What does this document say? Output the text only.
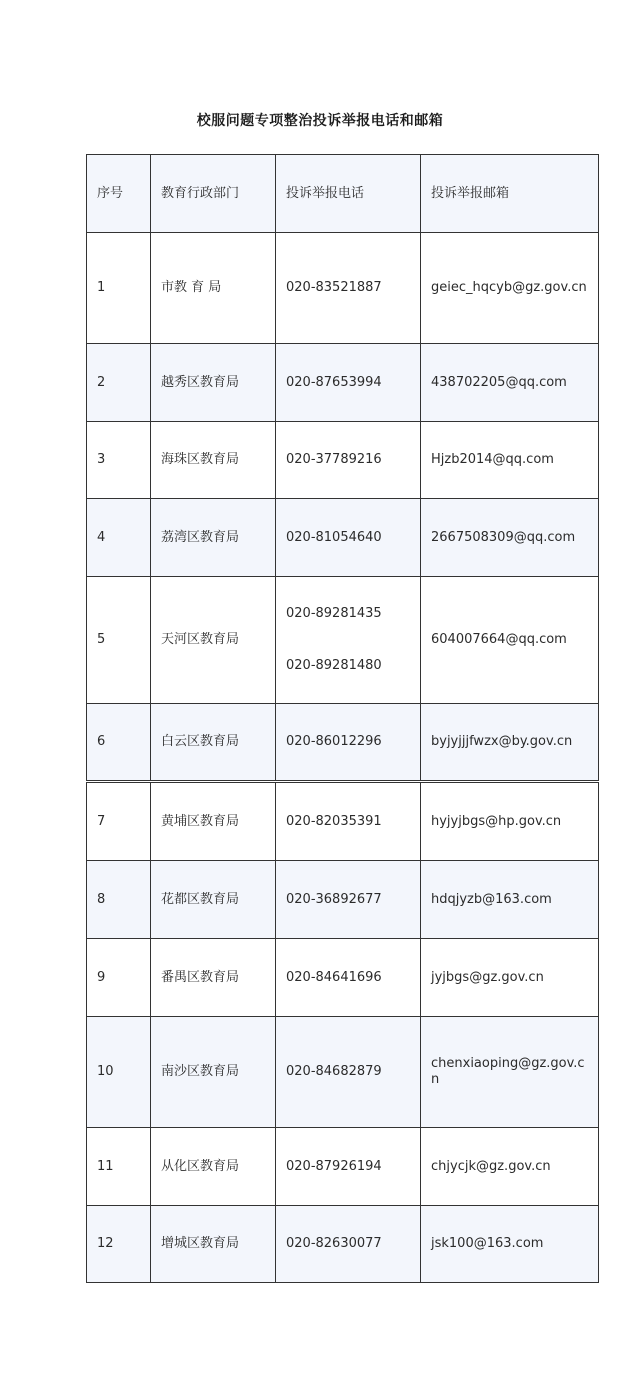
校服问题专项整治投诉举报电话和邮箱
序号	教育行政部门	投诉举报电话	投诉举报邮箱
1	市教 育 局	020-83521887	geiec_hqcyb@gz.gov.cn
2	越秀区教育局	020-87653994	438702205@qq.com
3	海珠区教育局	020-37789216	Hjzb2014@qq.com
4	荔湾区教育局	020-81054640	2667508309@qq.com
5	天河区教育局	020-89281435
020-89281480	604007664@qq.com
6	白云区教育局	020-86012296	byjyjjjfwzx@by.gov.cn
7	黄埔区教育局	020-82035391	hyjyjbgs@hp.gov.cn
8	花都区教育局	020-36892677	hdqjyzb@163.com
9	番禺区教育局	020-84641696	jyjbgs@gz.gov.cn
10	南沙区教育局	020-84682879	chenxiaoping@gz.gov.cn
11	从化区教育局	020-87926194	chjycjk@gz.gov.cn
12	增城区教育局	020-82630077	jsk100@163.com
